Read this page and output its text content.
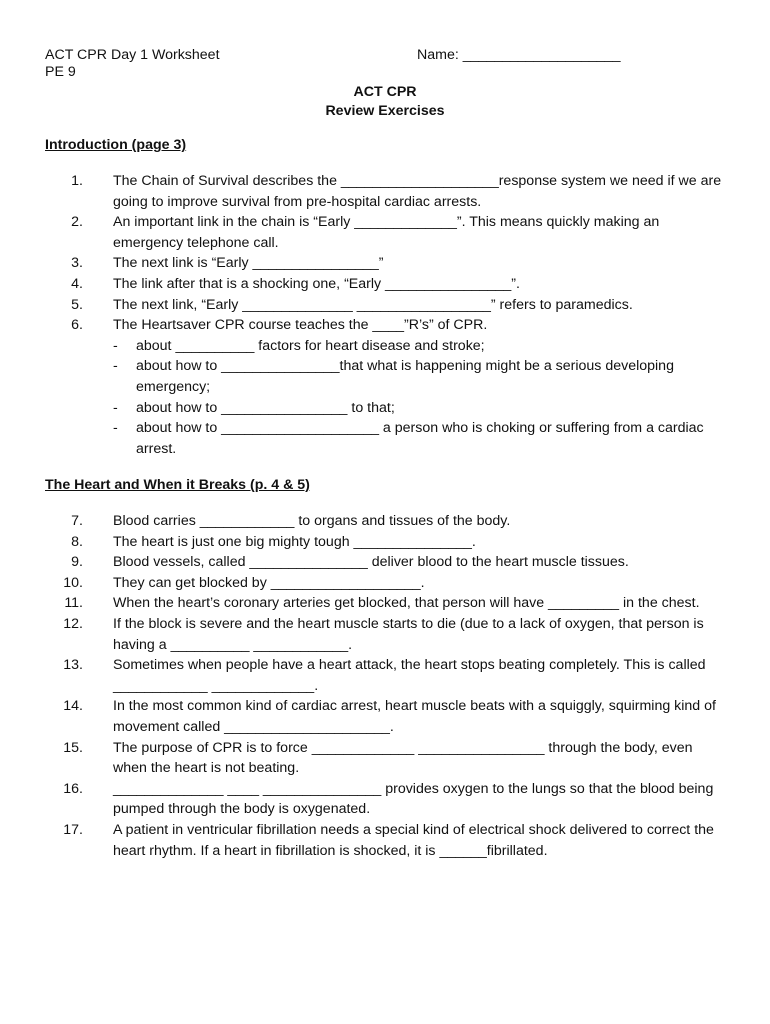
ACT CPR Day 1 Worksheet
PE 9
Name: ____________________
ACT CPR
Review Exercises
Introduction (page 3)
1. The Chain of Survival describes the ____________________response system we need if we are going to improve survival from pre-hospital cardiac arrests.
2. An important link in the chain is “Early _____________”. This means quickly making an emergency telephone call.
3. The next link is “Early ________________”
4. The link after that is a shocking one, “Early ________________”.
5. The next link, “Early ______________ _________________” refers to paramedics.
6. The Heartsaver CPR course teaches the ____”R’s” of CPR.
- about __________ factors for heart disease and stroke;
- about how to _______________that what is happening might be a serious developing emergency;
- about how to ________________ to that;
- about how to ____________________ a person who is choking or suffering from a cardiac arrest.
The Heart and When it Breaks (p. 4 & 5)
7. Blood carries ____________ to organs and tissues of the body.
8. The heart is just one big mighty tough _______________.
9. Blood vessels, called _______________ deliver blood to the heart muscle tissues.
10. They can get blocked by ___________________.
11. When the heart’s coronary arteries get blocked, that person will have _________ in the chest.
12. If the block is severe and the heart muscle starts to die (due to a lack of oxygen, that person is having a __________ ____________.
13. Sometimes when people have a heart attack, the heart stops beating completely. This is called ____________ _____________.
14. In the most common kind of cardiac arrest, heart muscle beats with a squiggly, squirming kind of movement called _____________________.
15. The purpose of CPR is to force _____________ ________________ through the body, even when the heart is not beating.
16. ______________ ____ _______________ provides oxygen to the lungs so that the blood being pumped through the body is oxygenated.
17. A patient in ventricular fibrillation needs a special kind of electrical shock delivered to correct the heart rhythm. If a heart in fibrillation is shocked, it is ______fibrillated.
